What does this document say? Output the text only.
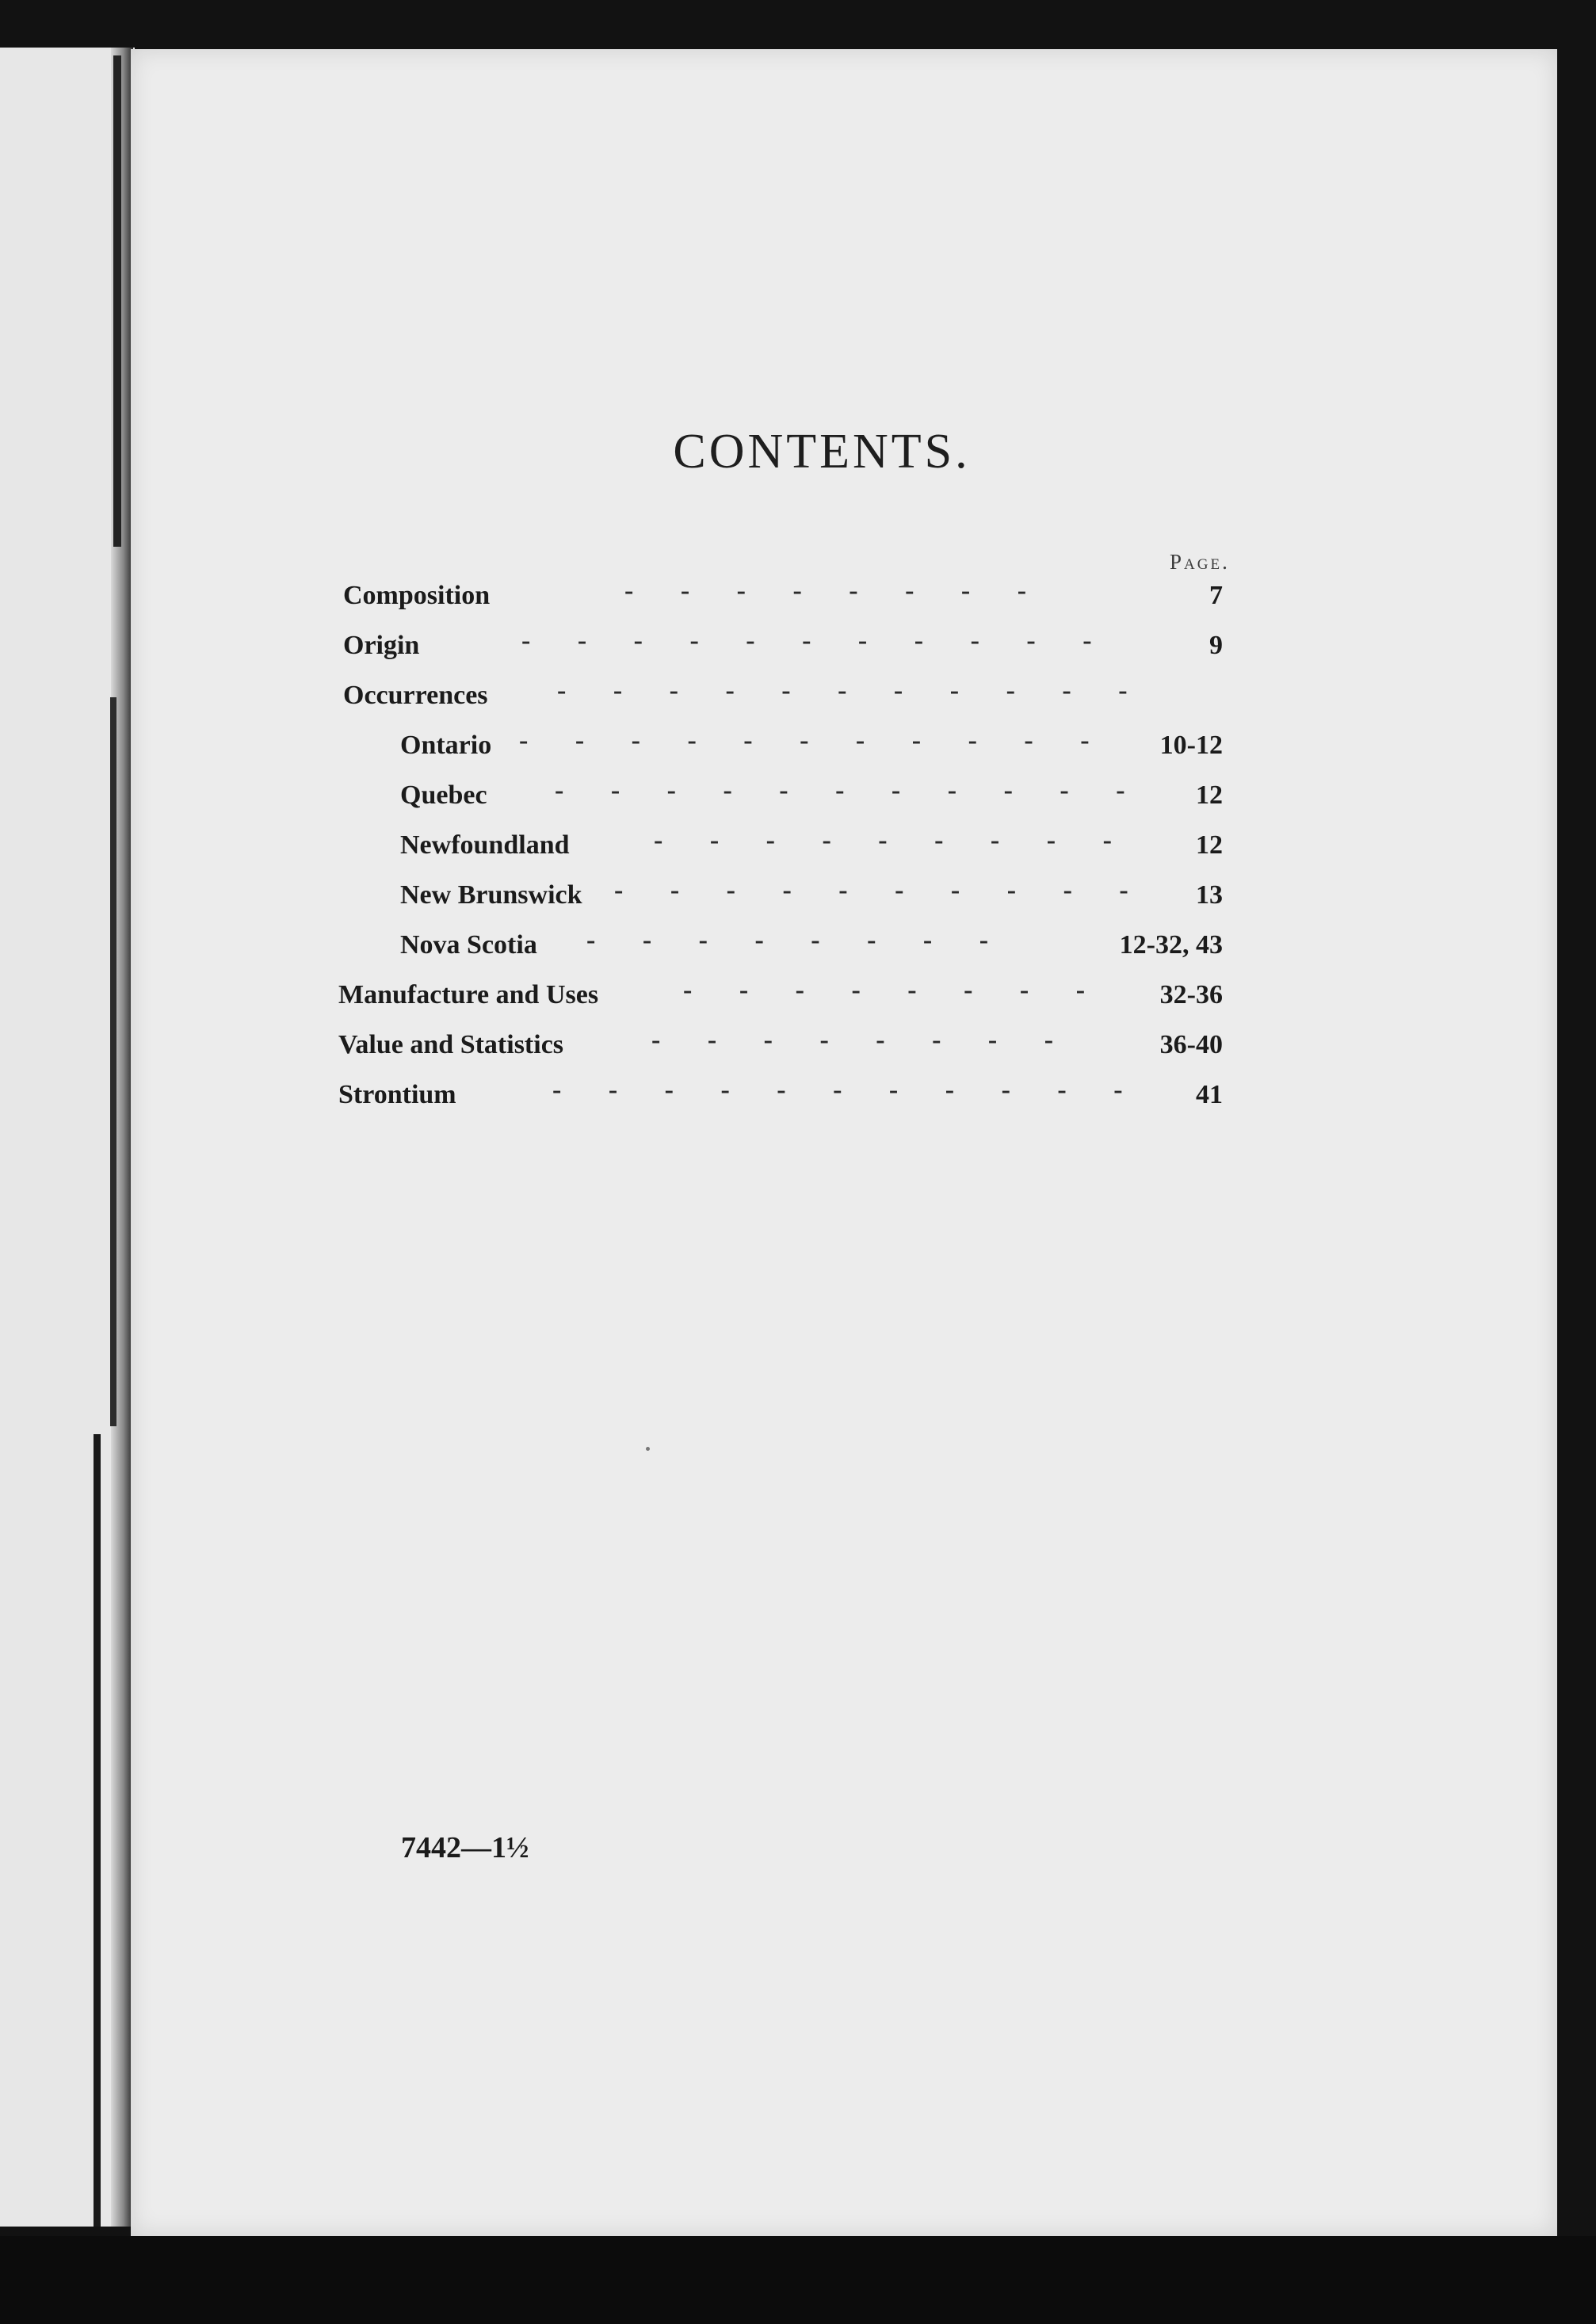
CONTENTS.
Page.
Composition	-       -       -       -       -       -       -       -	7
Origin	-       -       -       -       -       -       -       -       -       -       -	9
Occurrences	-       -       -       -       -       -       -       -       -       -       -
Ontario -       -       -       -       -       -       -       -       -       -       -	10-12
Quebec	-       -       -       -       -       -       -       -       -       -       -	12
Newfoundland	-       -       -       -       -       -       -       -       -	12
New Brunswick -       -       -       -       -       -       -       -       -       -	13
Nova Scotia -       -       -       -       -       -       -       -	12-32, 43
Manufacture and Uses	-       -       -       -       -       -       -       -	32-36
Value and Statistics	-       -       -       -       -       -       -       -	36-40
Strontium	-       -       -       -       -       -       -       -       -       -       -	41
7442—1½
